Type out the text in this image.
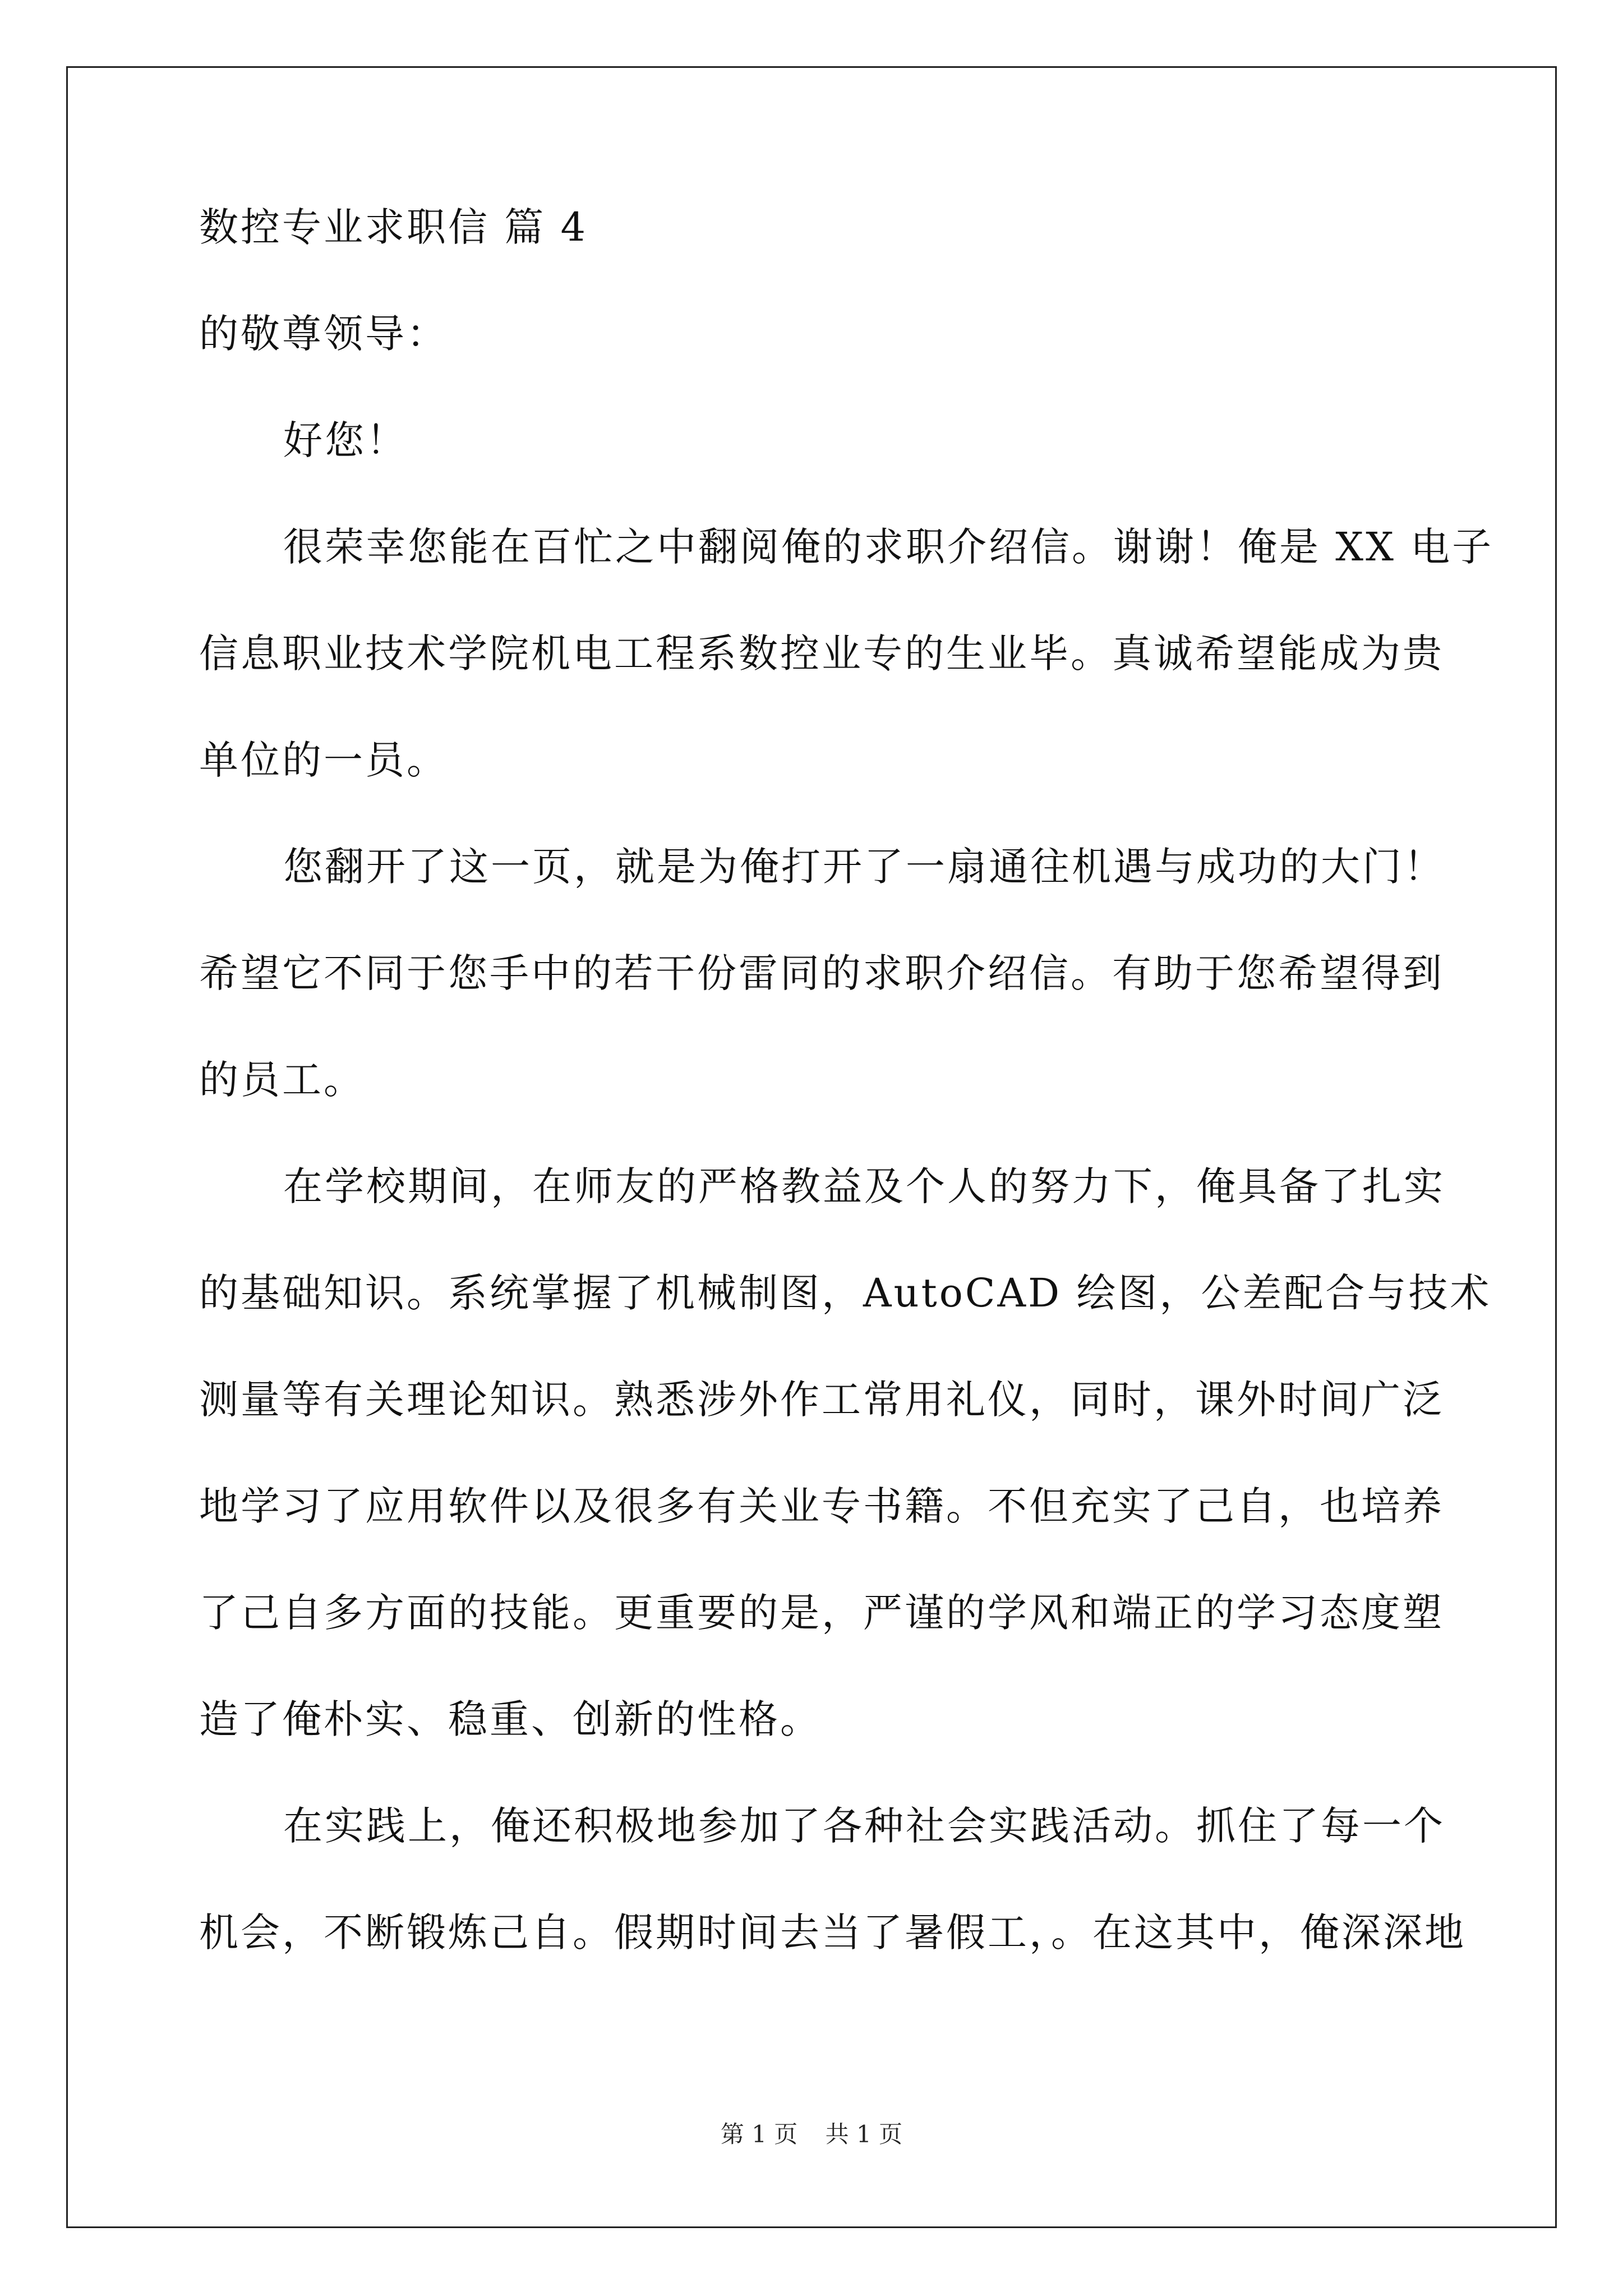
数控专业求职信 篇 4
的敬尊领导：
好您！
很荣幸您能在百忙之中翻阅俺的求职介绍信。谢谢！俺是 XX 电子
信息职业技术学院机电工程系数控业专的生业毕。真诚希望能成为贵
单位的一员。
您翻开了这一页，就是为俺打开了一扇通往机遇与成功的大门！
希望它不同于您手中的若干份雷同的求职介绍信。有助于您希望得到
的员工。
在学校期间，在师友的严格教益及个人的努力下，俺具备了扎实
的基础知识。系统掌握了机械制图，AutoCAD 绘图，公差配合与技术
测量等有关理论知识。熟悉涉外作工常用礼仪，同时，课外时间广泛
地学习了应用软件以及很多有关业专书籍。不但充实了己自，也培养
了己自多方面的技能。更重要的是，严谨的学风和端正的学习态度塑
造了俺朴实、稳重、创新的性格。
在实践上，俺还积极地参加了各种社会实践活动。抓住了每一个
机会，不断锻炼己自。假期时间去当了暑假工，。在这其中，俺深深地
第 1 页 共 1 页
